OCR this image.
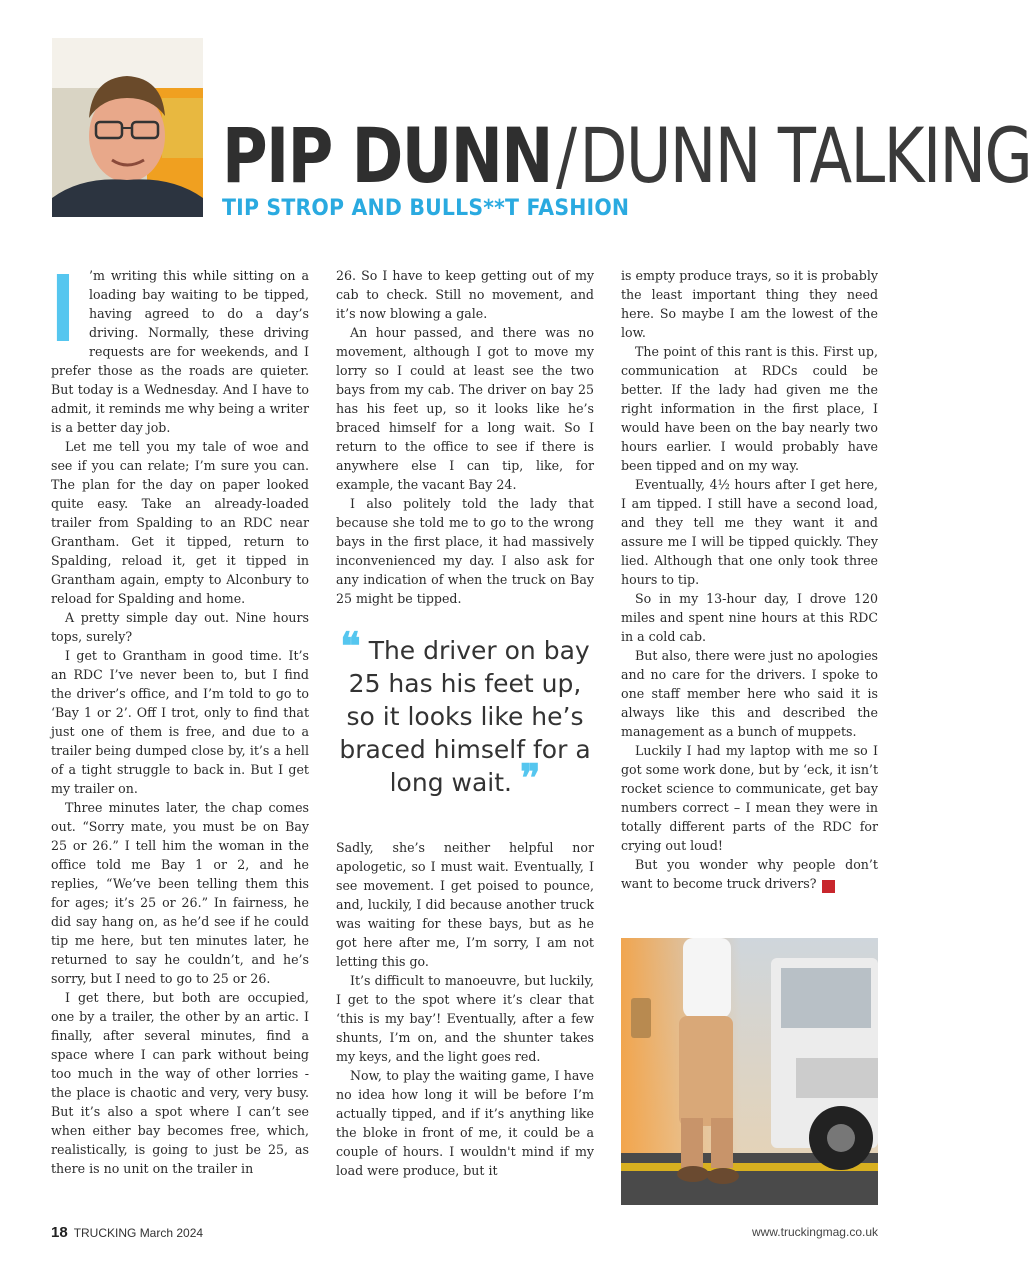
PIP DUNN / DUNN TALKING
TIP STROP AND BULLS**T FASHION

I ’m writing this while sitting on a loading bay waiting to be tipped, having agreed to do a day’s driving. Normally, these driving requests are for weekends, and I prefer those as the roads are quieter. But today is a Wednesday. And I have to admit, it reminds me why being a writer is a better day job.

Let me tell you my tale of woe and see if you can relate; I’m sure you can. The plan for the day on paper looked quite easy. Take an already-loaded trailer from Spalding to an RDC near Grantham. Get it tipped, return to Spalding, reload it, get it tipped in Grantham again, empty to Alconbury to reload for Spalding and home.

A pretty simple day out. Nine hours tops, surely?

I get to Grantham in good time. It’s an RDC I’ve never been to, but I find the driver’s office, and I’m told to go to ‘Bay 1 or 2’. Off I trot, only to find that just one of them is free, and due to a trailer being dumped close by, it’s a hell of a tight struggle to back in. But I get my trailer on.

Three minutes later, the chap comes out. “Sorry mate, you must be on Bay 25 or 26.” I tell him the woman in the office told me Bay 1 or 2, and he replies, “We’ve been telling them this for ages; it’s 25 or 26.” In fairness, he did say hang on, as he’d see if he could tip me here, but ten minutes later, he returned to say he couldn’t, and he’s sorry, but I need to go to 25 or 26.

I get there, but both are occupied, one by a trailer, the other by an artic. I finally, after several minutes, find a space where I can park without being too much in the way of other lorries - the place is chaotic and very, very busy. But it’s also a spot where I can’t see when either bay becomes free, which, realistically, is going to just be 25, as there is no unit on the trailer in

26. So I have to keep getting out of my cab to check. Still no movement, and it’s now blowing a gale.

An hour passed, and there was no movement, although I got to move my lorry so I could at least see the two bays from my cab. The driver on bay 25 has his feet up, so it looks like he’s braced himself for a long wait. So I return to the office to see if there is anywhere else I can tip, like, for example, the vacant Bay 24.

I also politely told the lady that because she told me to go to the wrong bays in the first place, it had massively inconvenienced my day. I also ask for any indication of when the truck on Bay 25 might be tipped.

❝ The driver on bay 25 has his feet up, so it looks like he’s braced himself for a long wait. ❞

Sadly, she’s neither helpful nor apologetic, so I must wait. Eventually, I see movement. I get poised to pounce, and, luckily, I did because another truck was waiting for these bays, but as he got here after me, I’m sorry, I am not letting this go.

It’s difficult to manoeuvre, but luckily, I get to the spot where it’s clear that ‘this is my bay’! Eventually, after a few shunts, I’m on, and the shunter takes my keys, and the light goes red.

Now, to play the waiting game, I have no idea how long it will be before I’m actually tipped, and if it’s anything like the bloke in front of me, it could be a couple of hours. I wouldn't mind if my load were produce, but it

is empty produce trays, so it is probably the least important thing they need here. So maybe I am the lowest of the low.

The point of this rant is this. First up, communication at RDCs could be better. If the lady had given me the right information in the first place, I would have been on the bay nearly two hours earlier. I would probably have been tipped and on my way.

Eventually, 4½ hours after I get here, I am tipped. I still have a second load, and they tell me they want it and assure me I will be tipped quickly. They lied. Although that one only took three hours to tip.

So in my 13-hour day, I drove 120 miles and spent nine hours at this RDC in a cold cab.

But also, there were just no apologies and no care for the drivers. I spoke to one staff member here who said it is always like this and described the management as a bunch of muppets.

Luckily I had my laptop with me so I got some work done, but by ‘eck, it isn’t rocket science to communicate, get bay numbers correct – I mean they were in totally different parts of the RDC for crying out loud!

But you wonder why people don’t want to become truck drivers? T

18 TRUCKING March 2024	www.truckingmag.co.uk
